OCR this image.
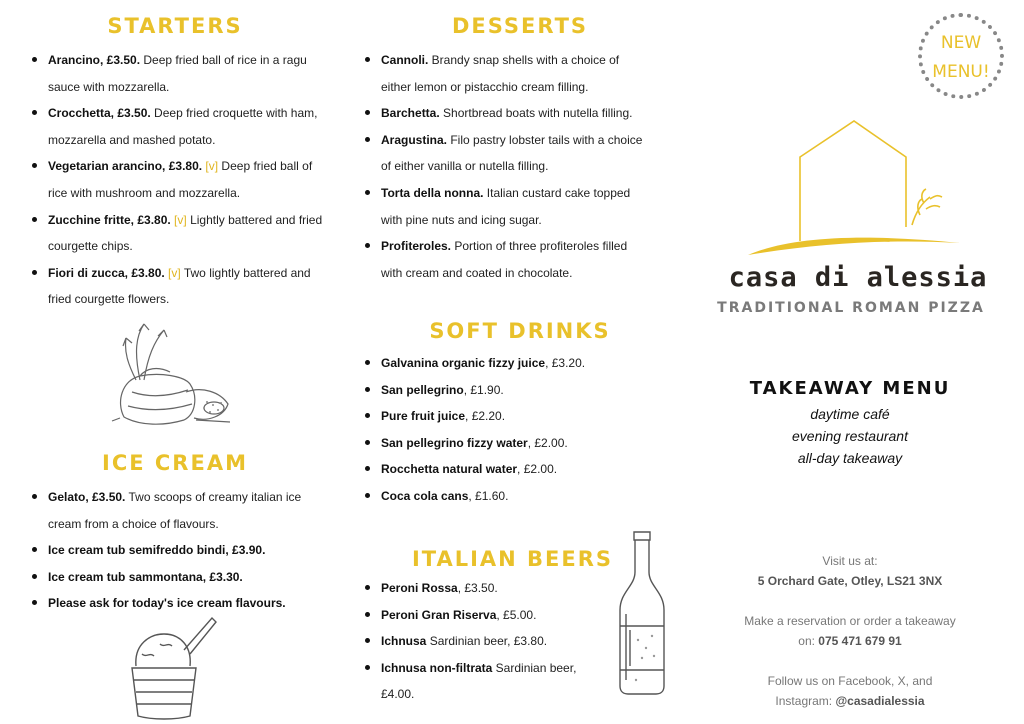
STARTERS
Arancino, £3.50. Deep fried ball of rice in a ragu
sauce with mozzarella.
Crocchetta, £3.50. Deep fried croquette with ham,
mozzarella and mashed potato.
Vegetarian arancino, £3.80. [v] Deep fried ball of
rice with mushroom and mozzarella.
Zucchine fritte, £3.80. [v] Lightly battered and fried
courgette chips.
Fiori di zucca, £3.80. [v] Two lightly battered and
fried courgette flowers.
ICE CREAM
Gelato, £3.50. Two scoops of creamy italian ice
cream from a choice of flavours.
Ice cream tub semifreddo bindi, £3.90.
Ice cream tub sammontana, £3.30.
Please ask for today's ice cream flavours.
DESSERTS
Cannoli. Brandy snap shells with a choice of
either lemon or pistacchio cream filling.
Barchetta. Shortbread boats with nutella filling.
Aragustina. Filo pastry lobster tails with a choice
of either vanilla or nutella filling.
Torta della nonna. Italian custard cake topped
with pine nuts and icing sugar.
Profiteroles. Portion of three profiteroles filled
with cream and coated in chocolate.
SOFT DRINKS
Galvanina organic fizzy juice, £3.20.
San pellegrino, £1.90.
Pure fruit juice, £2.20.
San pellegrino fizzy water, £2.00.
Rocchetta natural water, £2.00.
Coca cola cans, £1.60.
ITALIAN BEERS
Peroni Rossa, £3.50.
Peroni Gran Riserva, £5.00.
Ichnusa Sardinian beer, £3.80.
Ichnusa non-filtrata Sardinian beer,
£4.00.
NEW
MENU!
casa di alessia
TRADITIONAL ROMAN PIZZA
TAKEAWAY MENU
daytime café
evening restaurant
all-day takeaway
Visit us at:
5 Orchard Gate, Otley, LS21 3NX
Make a reservation or order a takeaway
on: 075 471 679 91
Follow us on Facebook, X, and
Instagram: @casadialessia
